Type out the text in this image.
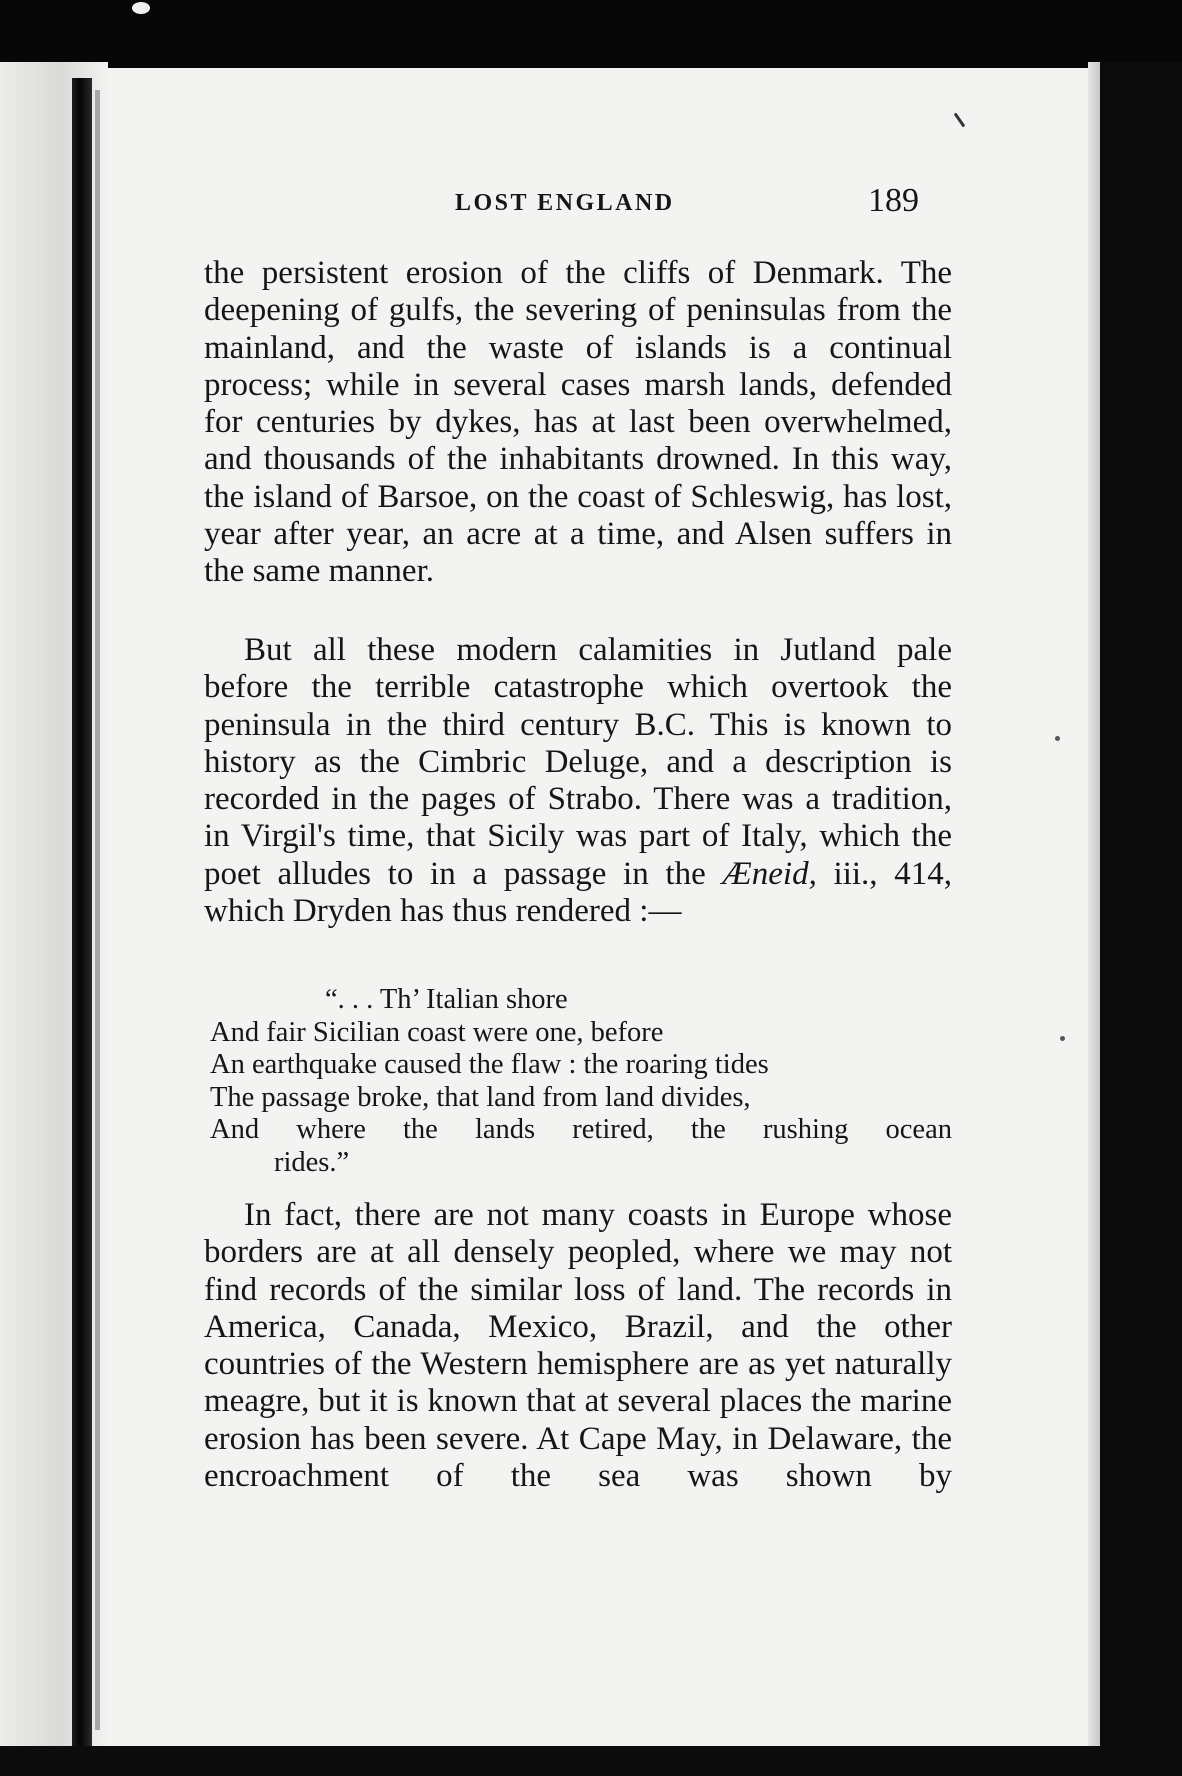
LOST ENGLAND	189

the persistent erosion of the cliffs of Denmark. The deepening of gulfs, the severing of peninsulas from the mainland, and the waste of islands is a continual process; while in several cases marsh lands, defended for centuries by dykes, has at last been overwhelmed, and thousands of the inhabitants drowned. In this way, the island of Barsoe, on the coast of Schleswig, has lost, year after year, an acre at a time, and Alsen suffers in the same manner.

But all these modern calamities in Jutland pale before the terrible catastrophe which overtook the peninsula in the third century B.C. This is known to history as the Cimbric Deluge, and a description is recorded in the pages of Strabo. There was a tradition, in Virgil's time, that Sicily was part of Italy, which the poet alludes to in a passage in the Æneid, iii., 414, which Dryden has thus rendered :—

“. . . Th’ Italian shore
And fair Sicilian coast were one, before
An earthquake caused the flaw : the roaring tides
The passage broke, that land from land divides,
And where the lands retired, the rushing ocean
rides.”

In fact, there are not many coasts in Europe whose borders are at all densely peopled, where we may not find records of the similar loss of land. The records in America, Canada, Mexico, Brazil, and the other countries of the Western hemisphere are as yet naturally meagre, but it is known that at several places the marine erosion has been severe. At Cape May, in Delaware, the encroachment of the sea was shown by
